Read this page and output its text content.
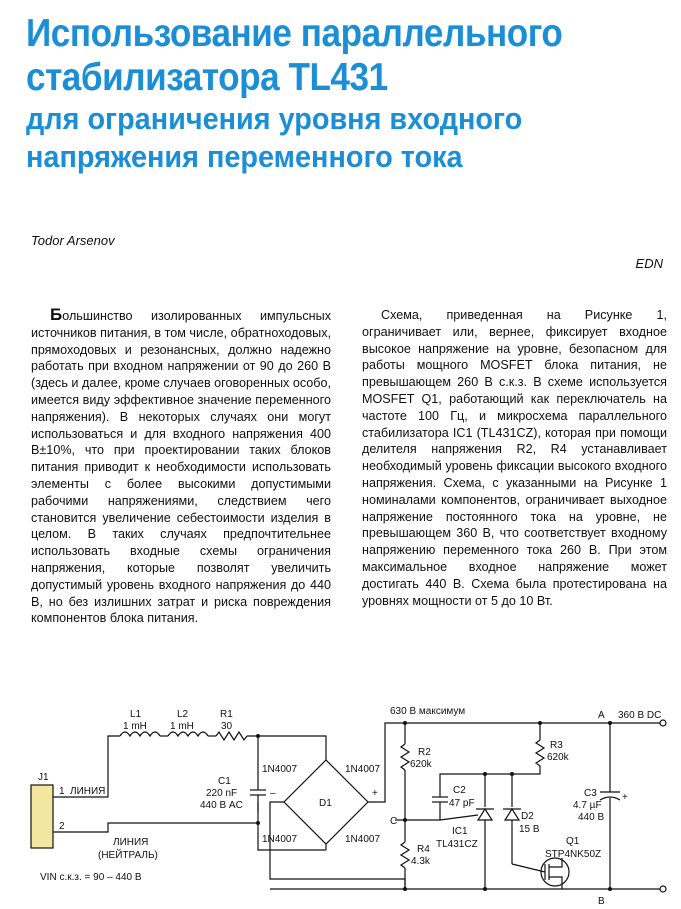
Использование параллельного
стабилизатора TL431
для ограничения уровня входного
напряжения переменного тока
Todor Arsenov
EDN

Большинство изолированных импульсных источников питания, в том числе, обратноходовых, прямоходовых и резонансных, должно надежно работать при входном напряжении от 90 до 260 В (здесь и далее, кроме случаев оговоренных особо, имеется виду эффективное значение переменного напряжения). В некоторых случаях они могут использоваться и для входного напряжения 400 В±10%, что при проектировании таких блоков питания приводит к необходимости использовать элементы с более высокими допустимыми рабочими напряжениями, следствием чего становится увеличение себестоимости изделия в целом. В таких случаях предпочтительнее использовать входные схемы ограничения напряжения, которые позволят увеличить допустимый уровень входного напряжения до 440 В, но без излишних затрат и риска повреждения компонентов блока питания.

Схема, приведенная на Рисунке 1, ограничивает или, вернее, фиксирует входное высокое напряжение на уровне, безопасном для работы мощного MOSFET блока питания, не превышающем 260 В с.к.з. В схеме используется MOSFET Q1, работающий как переключатель на частоте 100 Гц, и микросхема параллельного стабилизатора IC1 (TL431CZ), которая при помощи делителя напряжения R2, R4 устанавливает необходимый уровень фиксации высокого входного напряжения. Схема, с указанными на Рисунке 1 номиналами компонентов, ограничивает выходное напряжение постоянного тока на уровне, не превышающем 360 В, что соответствует входному напряжению переменного тока 260 В. При этом максимальное входное напряжение может достигать 440 В. Схема была протестирована на уровнях мощности от 5 до 10 Вт.

L1
1 mH
L2
1 mH
R1
30
J1
1
2
ЛИНИЯ
ЛИНИЯ
(НЕЙТРАЛЬ)
VIN с.к.з. = 90 – 440 В
C1
220 nF
440 В AC
1N4007	1N4007
1N4007	1N4007
D1
–	+
630 В максимум
R2
620k
R3
620k
R4
4.3k
C2
47 pF
D2
15 В
IC1
TL431CZ
C3
4.7 µF
440 В
+
Q1
STP4NK50Z
A
B
C
360 В DC
